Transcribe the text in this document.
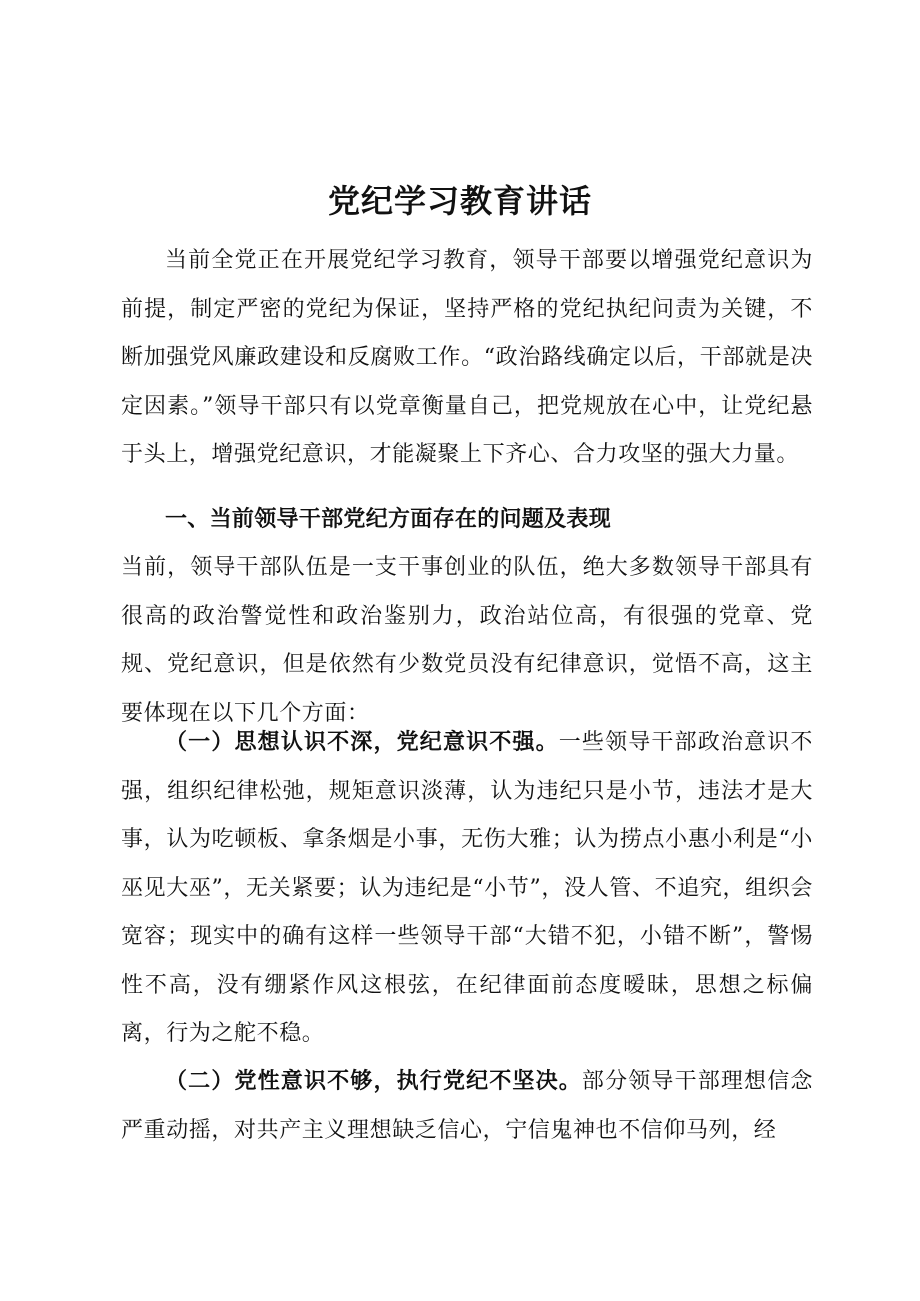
党纪学习教育讲话

当前全党正在开展党纪学习教育，领导干部要以增强党纪意识为前提，制定严密的党纪为保证，坚持严格的党纪执纪问责为关键，不断加强党风廉政建设和反腐败工作。“政治路线确定以后，干部就是决定因素。”领导干部只有以党章衡量自己，把党规放在心中，让党纪悬于头上，增强党纪意识，才能凝聚上下齐心、合力攻坚的强大力量。

一、当前领导干部党纪方面存在的问题及表现

当前，领导干部队伍是一支干事创业的队伍，绝大多数领导干部具有很高的政治警觉性和政治鉴别力，政治站位高，有很强的党章、党规、党纪意识，但是依然有少数党员没有纪律意识，觉悟不高，这主要体现在以下几个方面：

（一）思想认识不深，党纪意识不强。一些领导干部政治意识不强，组织纪律松弛，规矩意识淡薄，认为违纪只是小节，违法才是大事，认为吃顿板、拿条烟是小事，无伤大雅；认为捞点小惠小利是“小巫见大巫”，无关紧要；认为违纪是“小节”，没人管、不追究，组织会宽容；现实中的确有这样一些领导干部“大错不犯，小错不断”，警惕性不高，没有绷紧作风这根弦，在纪律面前态度暧昧，思想之标偏离，行为之舵不稳。

（二）党性意识不够，执行党纪不坚决。部分领导干部理想信念严重动摇，对共产主义理想缺乏信心，宁信鬼神也不信仰马列，经
